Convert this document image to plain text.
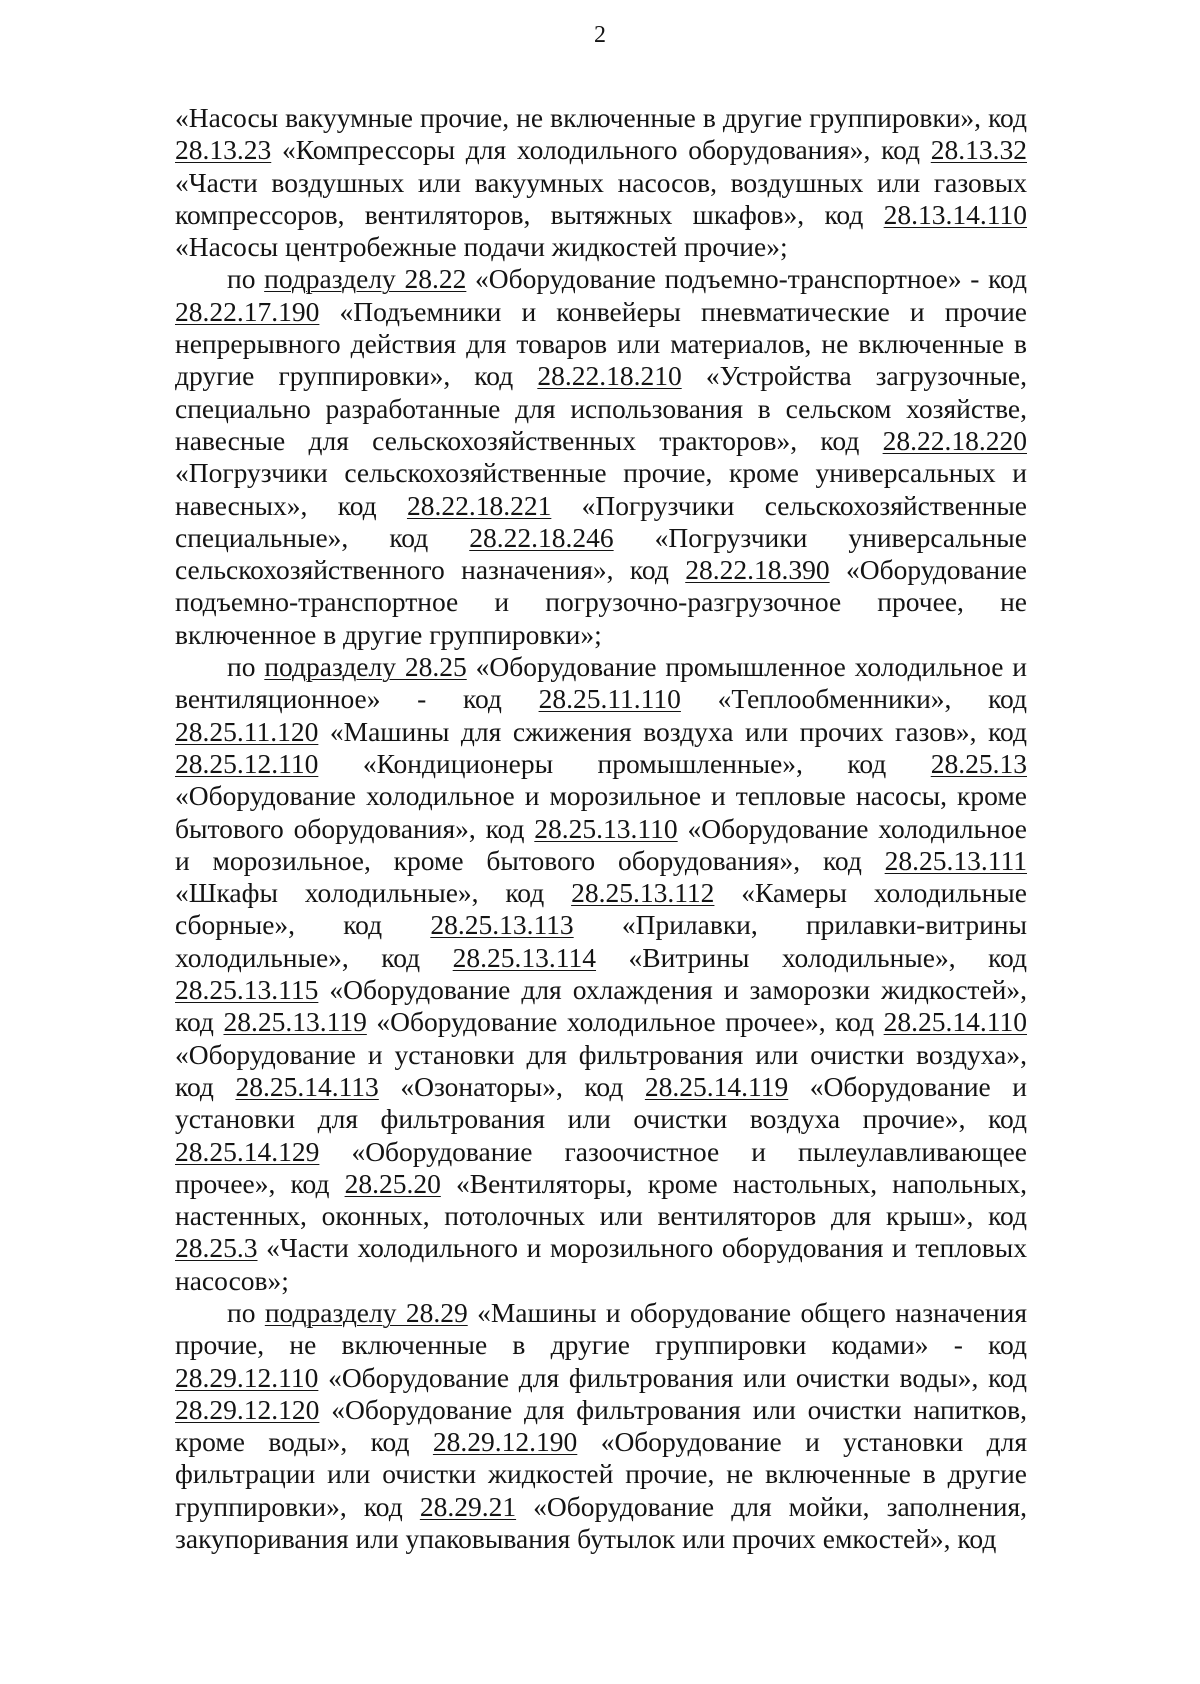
2

«Насосы вакуумные прочие, не включенные в другие группировки», код 28.13.23 «Компрессоры для холодильного оборудования», код 28.13.32 «Части воздушных или вакуумных насосов, воздушных или газовых компрессоров, вентиляторов, вытяжных шкафов», код 28.13.14.110 «Насосы центробежные подачи жидкостей прочие»;

по подразделу 28.22 «Оборудование подъемно-транспортное» - код 28.22.17.190 «Подъемники и конвейеры пневматические и прочие непрерывного действия для товаров или материалов, не включенные в другие группировки», код 28.22.18.210 «Устройства загрузочные, специально разработанные для использования в сельском хозяйстве, навесные для сельскохозяйственных тракторов», код 28.22.18.220 «Погрузчики сельскохозяйственные прочие, кроме универсальных и навесных», код 28.22.18.221 «Погрузчики сельскохозяйственные специальные», код 28.22.18.246 «Погрузчики универсальные сельскохозяйственного назначения», код 28.22.18.390 «Оборудование подъемно-транспортное и погрузочно-разгрузочное прочее, не включенное в другие группировки»;

по подразделу 28.25 «Оборудование промышленное холодильное и вентиляционное» - код 28.25.11.110 «Теплообменники», код 28.25.11.120 «Машины для сжижения воздуха или прочих газов», код 28.25.12.110 «Кондиционеры промышленные», код 28.25.13 «Оборудование холодильное и морозильное и тепловые насосы, кроме бытового оборудования», код 28.25.13.110 «Оборудование холодильное и морозильное, кроме бытового оборудования», код 28.25.13.111 «Шкафы холодильные», код 28.25.13.112 «Камеры холодильные сборные», код 28.25.13.113 «Прилавки, прилавки-витрины холодильные», код 28.25.13.114 «Витрины холодильные», код 28.25.13.115 «Оборудование для охлаждения и заморозки жидкостей», код 28.25.13.119 «Оборудование холодильное прочее», код 28.25.14.110 «Оборудование и установки для фильтрования или очистки воздуха», код 28.25.14.113 «Озонаторы», код 28.25.14.119 «Оборудование и установки для фильтрования или очистки воздуха прочие», код 28.25.14.129 «Оборудование газоочистное и пылеулавливающее прочее», код 28.25.20 «Вентиляторы, кроме настольных, напольных, настенных, оконных, потолочных или вентиляторов для крыш», код 28.25.3 «Части холодильного и морозильного оборудования и тепловых насосов»;

по подразделу 28.29 «Машины и оборудование общего назначения прочие, не включенные в другие группировки кодами» - код 28.29.12.110 «Оборудование для фильтрования или очистки воды», код 28.29.12.120 «Оборудование для фильтрования или очистки напитков, кроме воды», код 28.29.12.190 «Оборудование и установки для фильтрации или очистки жидкостей прочие, не включенные в другие группировки», код 28.29.21 «Оборудование для мойки, заполнения, закупоривания или упаковывания бутылок или прочих емкостей», код
